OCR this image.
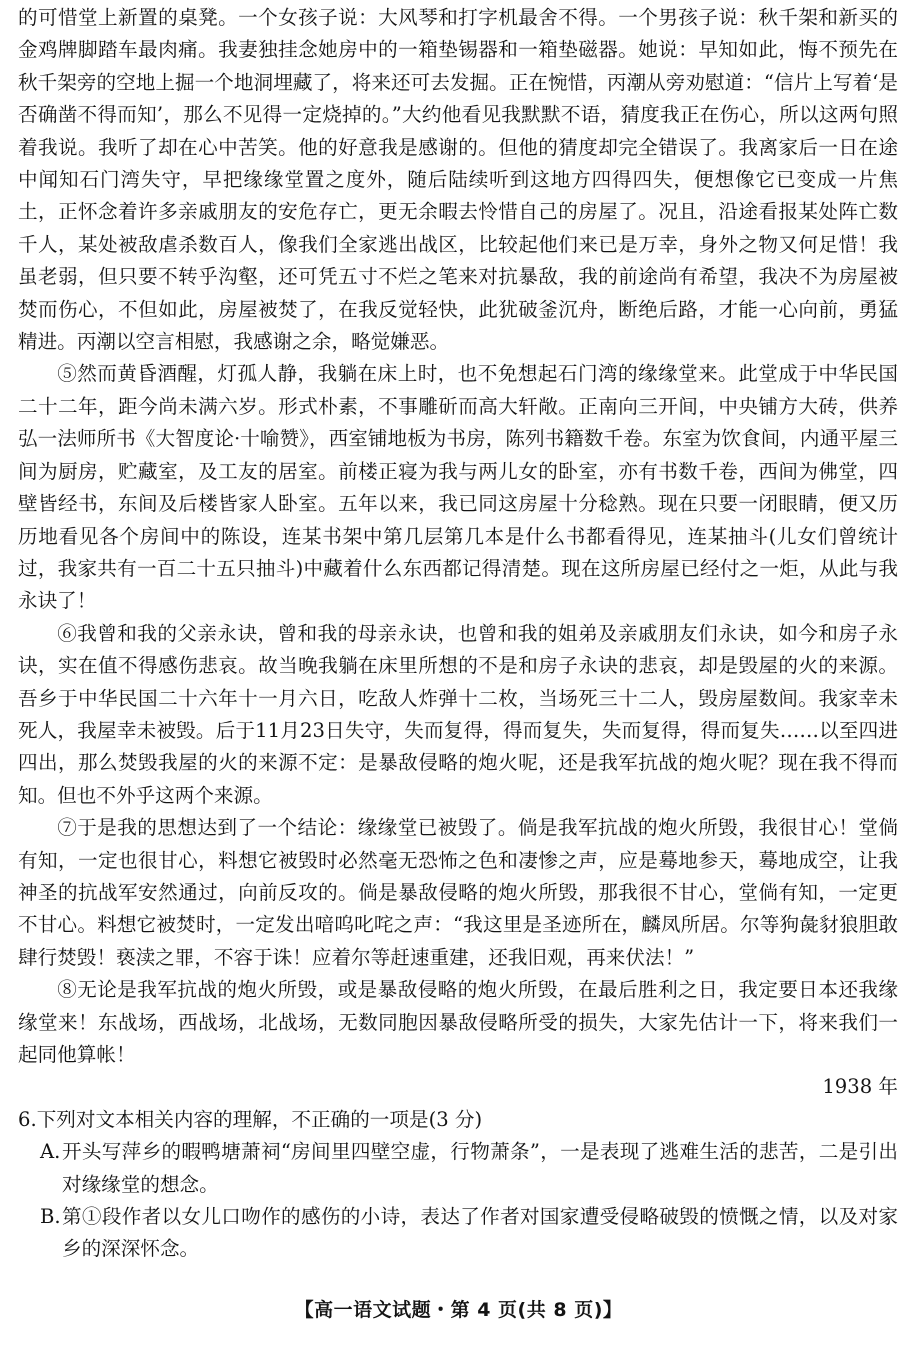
的可惜堂上新置的桌凳。一个女孩子说：大风琴和打字机最舍不得。一个男孩子说：秋千架和新买的金鸡牌脚踏车最肉痛。我妻独挂念她房中的一箱垫锡器和一箱垫磁器。她说：早知如此，悔不预先在秋千架旁的空地上掘一个地洞埋藏了，将来还可去发掘。正在惋惜，丙潮从旁劝慰道：“信片上写着‘是否确凿不得而知’，那么不见得一定烧掉的。”大约他看见我默默不语，猜度我正在伤心，所以这两句照着我说。我听了却在心中苦笑。他的好意我是感谢的。但他的猜度却完全错误了。我离家后一日在途中闻知石门湾失守，早把缘缘堂置之度外，随后陆续听到这地方四得四失，便想像它已变成一片焦土，正怀念着许多亲戚朋友的安危存亡，更无余暇去怜惜自己的房屋了。况且，沿途看报某处阵亡数千人，某处被敌虐杀数百人，像我们全家逃出战区，比较起他们来已是万幸，身外之物又何足惜！我虽老弱，但只要不转乎沟壑，还可凭五寸不烂之笔来对抗暴敌，我的前途尚有希望，我决不为房屋被焚而伤心，不但如此，房屋被焚了，在我反觉轻快，此犹破釜沉舟，断绝后路，才能一心向前，勇猛精进。丙潮以空言相慰，我感谢之余，略觉嫌恶。

⑤然而黄昏酒醒，灯孤人静，我躺在床上时，也不免想起石门湾的缘缘堂来。此堂成于中华民国二十二年，距今尚未满六岁。形式朴素，不事雕斫而高大轩敞。正南向三开间，中央铺方大砖，供养弘一法师所书《大智度论·十喻赞》，西室铺地板为书房，陈列书籍数千卷。东室为饮食间，内通平屋三间为厨房，贮藏室，及工友的居室。前楼正寝为我与两儿女的卧室，亦有书数千卷，西间为佛堂，四壁皆经书，东间及后楼皆家人卧室。五年以来，我已同这房屋十分稔熟。现在只要一闭眼睛，便又历历地看见各个房间中的陈设，连某书架中第几层第几本是什么书都看得见，连某抽斗(儿女们曾统计过，我家共有一百二十五只抽斗)中藏着什么东西都记得清楚。现在这所房屋已经付之一炬，从此与我永诀了！

⑥我曾和我的父亲永诀，曾和我的母亲永诀，也曾和我的姐弟及亲戚朋友们永诀，如今和房子永诀，实在值不得感伤悲哀。故当晚我躺在床里所想的不是和房子永诀的悲哀，却是毁屋的火的来源。吾乡于中华民国二十六年十一月六日，吃敌人炸弹十二枚，当场死三十二人，毁房屋数间。我家幸未死人，我屋幸未被毁。后于11月23日失守，失而复得，得而复失，失而复得，得而复失……以至四进四出，那么焚毁我屋的火的来源不定：是暴敌侵略的炮火呢，还是我军抗战的炮火呢？现在我不得而知。但也不外乎这两个来源。

⑦于是我的思想达到了一个结论：缘缘堂已被毁了。倘是我军抗战的炮火所毁，我很甘心！堂倘有知，一定也很甘心，料想它被毁时必然毫无恐怖之色和凄惨之声，应是蓦地参天，蓦地成空，让我神圣的抗战军安然通过，向前反攻的。倘是暴敌侵略的炮火所毁，那我很不甘心，堂倘有知，一定更不甘心。料想它被焚时，一定发出喑呜叱咤之声：“我这里是圣迹所在，麟凤所居。尔等狗彘豺狼胆敢肆行焚毁！亵渎之罪，不容于诛！应着尔等赶速重建，还我旧观，再来伏法！”

⑧无论是我军抗战的炮火所毁，或是暴敌侵略的炮火所毁，在最后胜利之日，我定要日本还我缘缘堂来！东战场，西战场，北战场，无数同胞因暴敌侵略所受的损失，大家先估计一下，将来我们一起同他算帐！

1938 年

6.下列对文本相关内容的理解，不正确的一项是(3 分)

A. 开头写萍乡的暇鸭塘萧祠“房间里四壁空虚，行物萧条”，一是表现了逃难生活的悲苦，二是引出对缘缘堂的想念。
B. 第①段作者以女儿口吻作的感伤的小诗，表达了作者对国家遭受侵略破毁的愤慨之情，以及对家乡的深深怀念。
【高一语文试题・第 4 页(共 8 页)】
